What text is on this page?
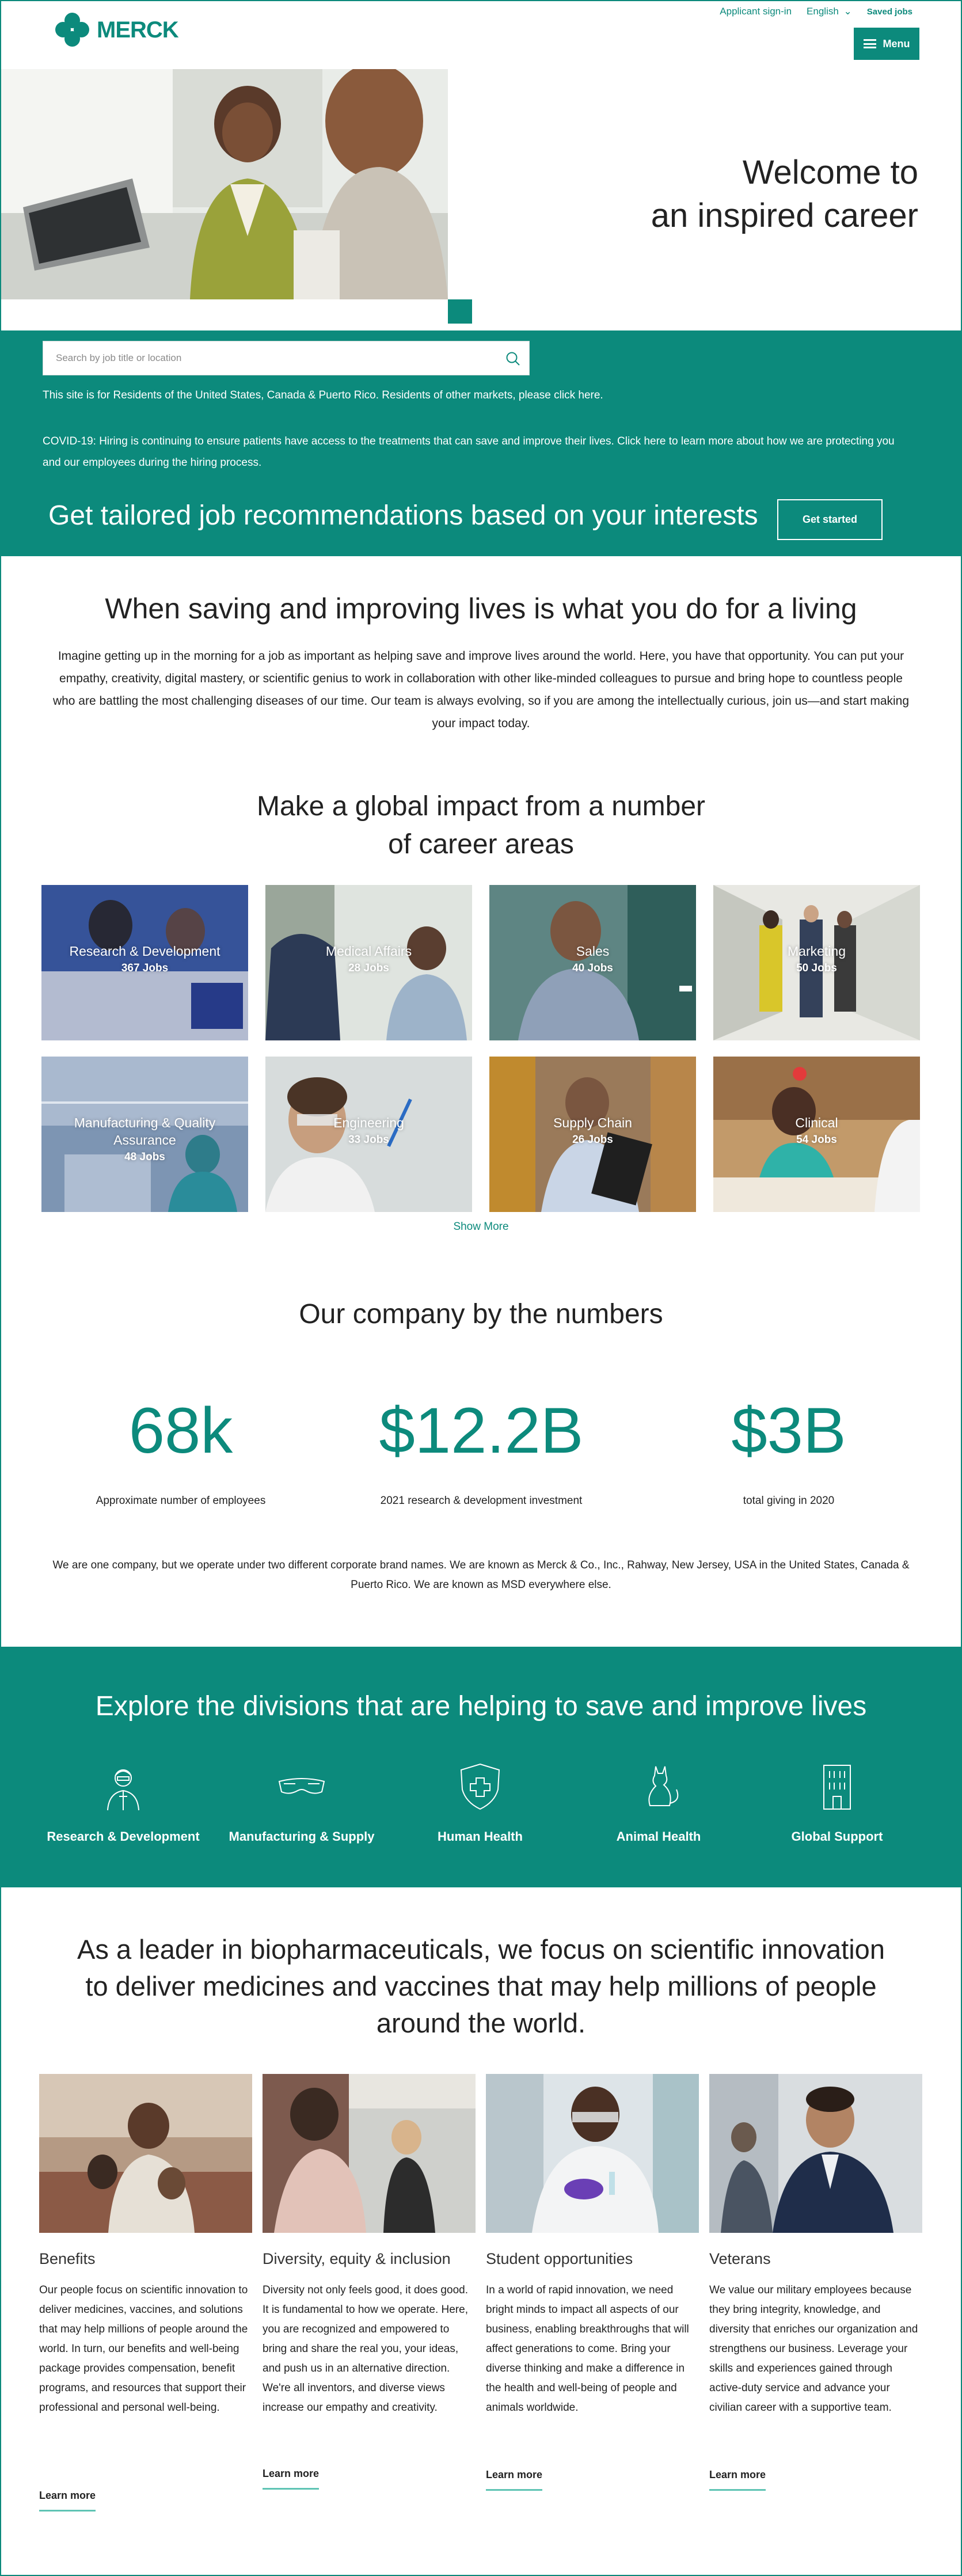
MERCK
Applicant sign-in English ⌄ Saved jobs
Menu
Welcome to
an inspired career
Search by job title or location
This site is for Residents of the United States, Canada & Puerto Rico. Residents of other markets, please click here.
COVID-19: Hiring is continuing to ensure patients have access to the treatments that can save and improve their lives. Click here to learn more about how we are protecting you and our employees during the hiring process.
Get tailored job recommendations based on your interests	Get started
When saving and improving lives is what you do for a living
Imagine getting up in the morning for a job as important as helping save and improve lives around the world. Here, you have that opportunity. You can put your empathy, creativity, digital mastery, or scientific genius to work in collaboration with other like-minded colleagues to pursue and bring hope to countless people who are battling the most challenging diseases of our time. Our team is always evolving, so if you are among the intellectually curious, join us—and start making your impact today.
Make a global impact from a number
of career areas
Research & Development
367 Jobs
Medical Affairs
28 Jobs
Sales
40 Jobs
Marketing
50 Jobs
Manufacturing & Quality Assurance
48 Jobs
Engineering
33 Jobs
Supply Chain
26 Jobs
Clinical
54 Jobs
Show More
Our company by the numbers
68k	$12.2B	$3B
Approximate number of employees	2021 research & development investment	total giving in 2020
We are one company, but we operate under two different corporate brand names. We are known as Merck & Co., Inc., Rahway, New Jersey, USA in the United States, Canada & Puerto Rico. We are known as MSD everywhere else.
Explore the divisions that are helping to save and improve lives
Research & Development	Manufacturing & Supply	Human Health	Animal Health	Global Support
As a leader in biopharmaceuticals, we focus on scientific innovation
to deliver medicines and vaccines that may help millions of people
around the world.
Benefits
Our people focus on scientific innovation to deliver medicines, vaccines, and solutions that may help millions of people around the world. In turn, our benefits and well-being package provides compensation, benefit programs, and resources that support their professional and personal well-being.
Diversity, equity & inclusion
Diversity not only feels good, it does good. It is fundamental to how we operate. Here, you are recognized and empowered to bring and share the real you, your ideas, and push us in an alternative direction. We're all inventors, and diverse views increase our empathy and creativity.
Student opportunities
In a world of rapid innovation, we need bright minds to impact all aspects of our business, enabling breakthroughs that will affect generations to come. Bring your diverse thinking and make a difference in the health and well-being of people and animals worldwide.
Veterans
We value our military employees because they bring integrity, knowledge, and diversity that enriches our organization and strengthens our business. Leverage your skills and experiences gained through active-duty service and advance your civilian career with a supportive team.
Learn more
Learn more	Learn more	Learn more
